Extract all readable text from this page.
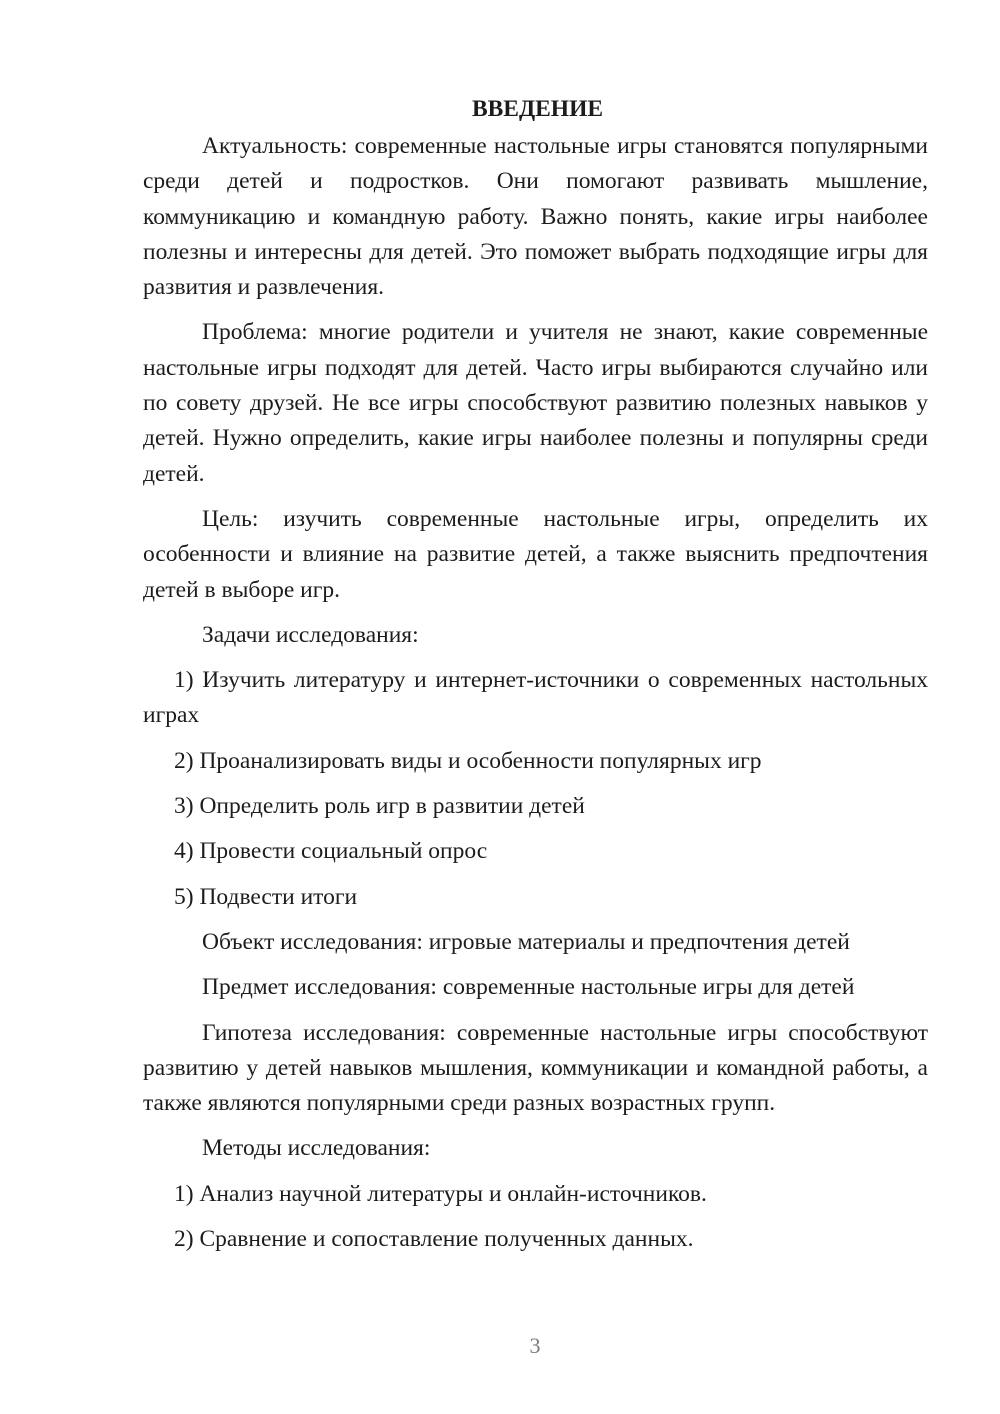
ВВЕДЕНИЕ

Актуальность: современные настольные игры становятся популярными среди детей и подростков. Они помогают развивать мышление, коммуникацию и командную работу. Важно понять, какие игры наиболее полезны и интересны для детей. Это поможет выбрать подходящие игры для развития и развлечения.

Проблема: многие родители и учителя не знают, какие современные настольные игры подходят для детей. Часто игры выбираются случайно или по совету друзей. Не все игры способствуют развитию полезных навыков у детей. Нужно определить, какие игры наиболее полезны и популярны среди детей.

Цель: изучить современные настольные игры, определить их особенности и влияние на развитие детей, а также выяснить предпочтения детей в выборе игр.

Задачи исследования:

1) Изучить литературу и интернет-источники о современных настольных играх

2) Проанализировать виды и особенности популярных игр

3) Определить роль игр в развитии детей

4) Провести социальный опрос

5) Подвести итоги

Объект исследования: игровые материалы и предпочтения детей

Предмет исследования: современные настольные игры для детей

Гипотеза исследования: современные настольные игры способствуют развитию у детей навыков мышления, коммуникации и командной работы, а также являются популярными среди разных возрастных групп.

Методы исследования:

1) Анализ научной литературы и онлайн-источников.

2) Сравнение и сопоставление полученных данных.

3
